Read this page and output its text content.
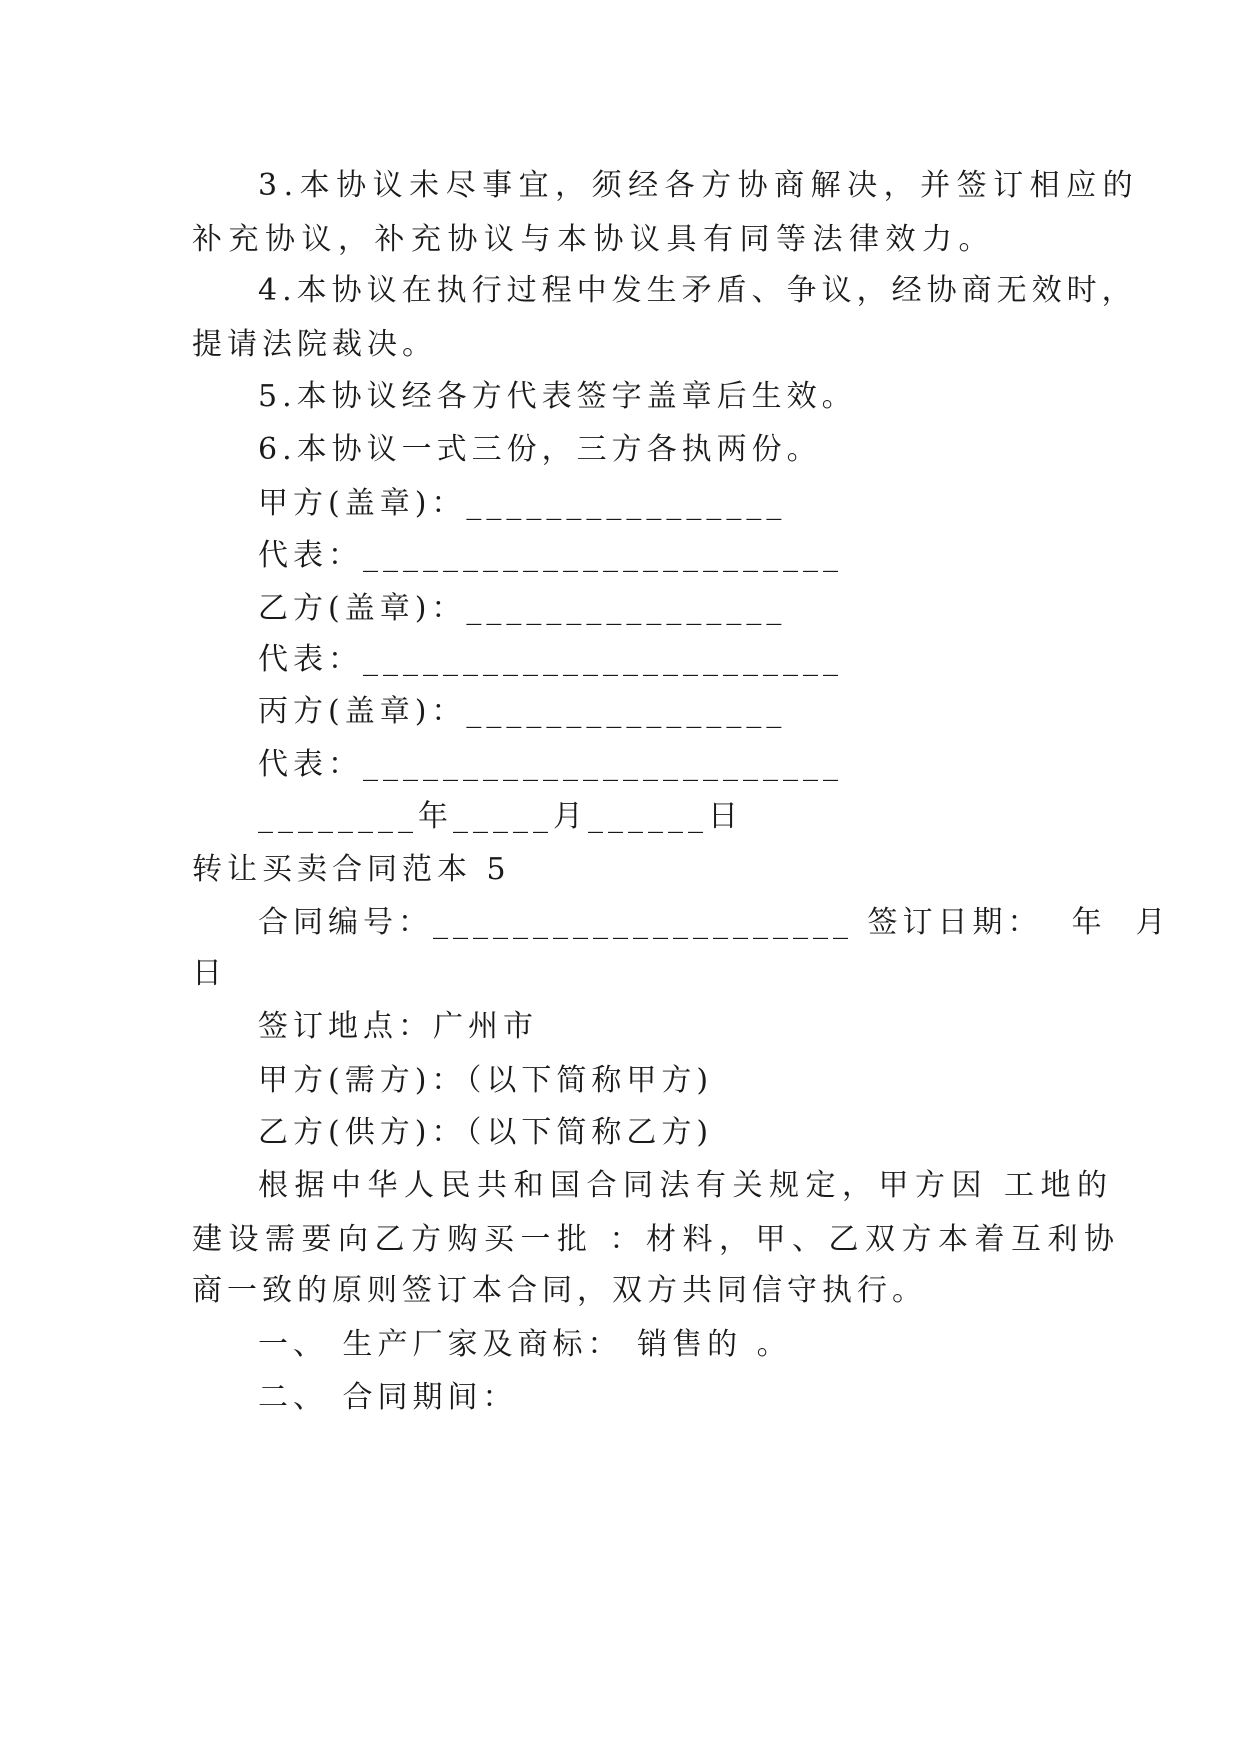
3.本协议未尽事宜，须经各方协商解决，并签订相应的
补充协议，补充协议与本协议具有同等法律效力。
4.本协议在执行过程中发生矛盾、争议，经协商无效时，
提请法院裁决。
5.本协议经各方代表签字盖章后生效。
6.本协议一式三份，三方各执两份。
甲方(盖章)：________________
代表：________________________
乙方(盖章)：________________
代表：________________________
丙方(盖章)：________________
代表：________________________
________年_____月______日
转让买卖合同范本 5
合同编号：_____________________ 签订日期：  年  月
日
签订地点：广州市
甲方(需方)：（以下简称甲方)
乙方(供方)：（以下简称乙方)
根据中华人民共和国合同法有关规定，甲方因 工地的
建设需要向乙方购买一批 ：材料，甲、乙双方本着互利协
商一致的原则签订本合同，双方共同信守执行。
一、 生产厂家及商标： 销售的 。
二、 合同期间：
